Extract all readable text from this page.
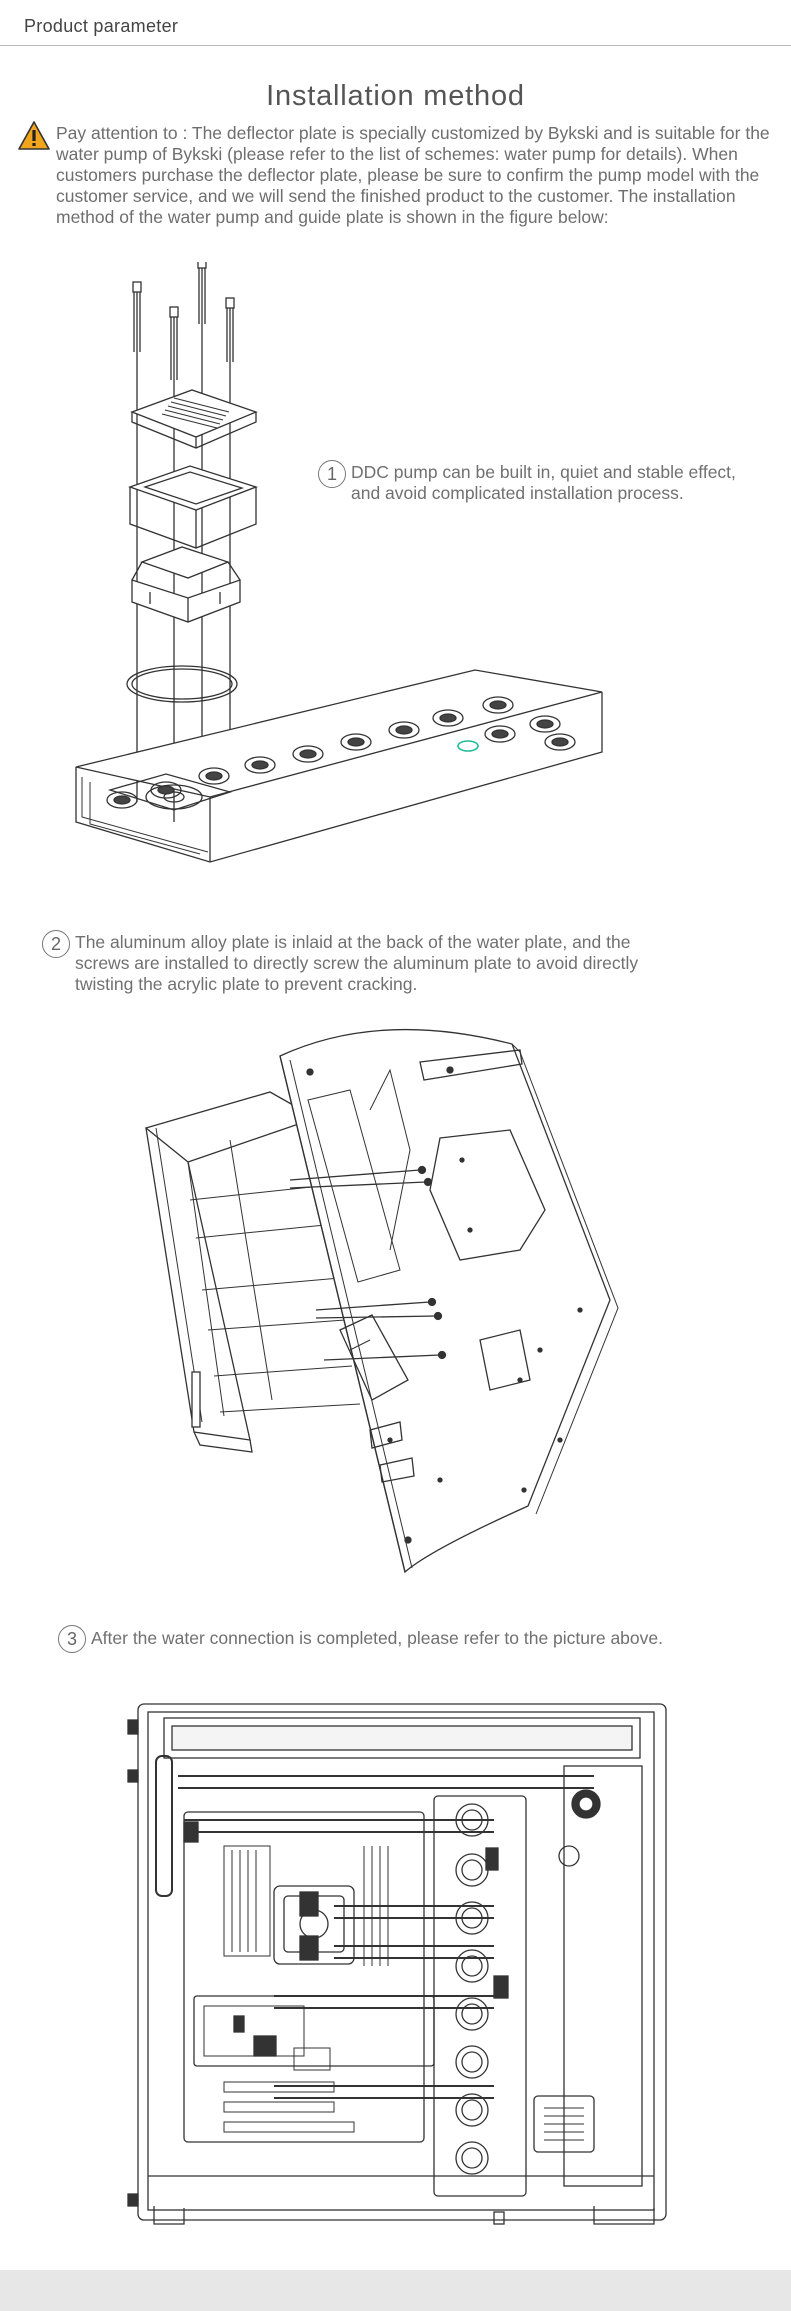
Product parameter
Installation method
Pay attention to : The deflector plate is specially customized by Bykski and is suitable for the water pump of Bykski (please refer to the list of schemes: water pump for details). When customers purchase the deflector plate, please be sure to confirm the pump model with the customer service, and we will send the finished product to the customer. The installation method of the water pump and guide plate is shown in the figure below:
1 DDC pump can be built in, quiet and stable effect, and avoid complicated installation process.
2 The aluminum alloy plate is inlaid at the back of the water plate, and the screws are installed to directly screw the aluminum plate to avoid directly twisting the acrylic plate to prevent cracking.
3 After the water connection is completed, please refer to the picture above.
